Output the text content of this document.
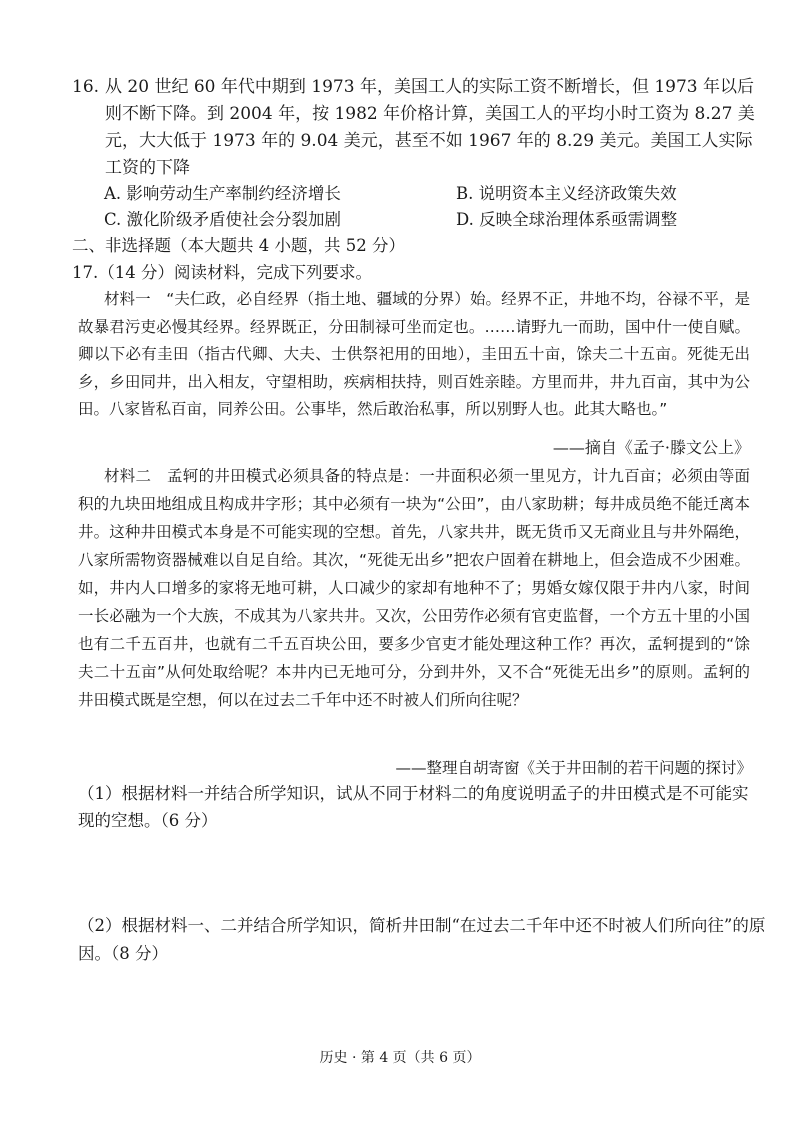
16. 从 20 世纪 60 年代中期到 1973 年，美国工人的实际工资不断增长，但 1973 年以后则不断下降。到 2004 年，按 1982 年价格计算，美国工人的平均小时工资为 8.27 美元，大大低于 1973 年的 9.04 美元，甚至不如 1967 年的 8.29 美元。美国工人实际工资的下降
A. 影响劳动生产率制约经济增长	B. 说明资本主义经济政策失效
C. 激化阶级矛盾使社会分裂加剧	D. 反映全球治理体系亟需调整
二、非选择题（本大题共 4 小题，共 52 分）
17.（14 分）阅读材料，完成下列要求。
材料一　“夫仁政，必自经界（指土地、疆域的分界）始。经界不正，井地不均，谷禄不平，是故暴君污吏必慢其经界。经界既正，分田制禄可坐而定也。……请野九一而助，国中什一使自赋。卿以下必有圭田（指古代卿、大夫、士供祭祀用的田地），圭田五十亩，馀夫二十五亩。死徙无出乡，乡田同井，出入相友，守望相助，疾病相扶持，则百姓亲睦。方里而井，井九百亩，其中为公田。八家皆私百亩，同养公田。公事毕，然后敢治私事，所以别野人也。此其大略也。”
——摘自《孟子·滕文公上》
材料二　孟轲的井田模式必须具备的特点是：一井面积必须一里见方，计九百亩；必须由等面积的九块田地组成且构成井字形；其中必须有一块为“公田”，由八家助耕；每井成员绝不能迁离本井。这种井田模式本身是不可能实现的空想。首先，八家共井，既无货币又无商业且与井外隔绝，八家所需物资器械难以自足自给。其次，“死徙无出乡”把农户固着在耕地上，但会造成不少困难。如，井内人口增多的家将无地可耕，人口减少的家却有地种不了；男婚女嫁仅限于井内八家，时间一长必融为一个大族，不成其为八家共井。又次，公田劳作必须有官吏监督，一个方五十里的小国也有二千五百井，也就有二千五百块公田，要多少官吏才能处理这种工作？再次，孟轲提到的“馀夫二十五亩”从何处取给呢？本井内已无地可分，分到井外，又不合“死徙无出乡”的原则。孟轲的井田模式既是空想，何以在过去二千年中还不时被人们所向往呢？
——整理自胡寄窗《关于井田制的若干问题的探讨》
（1）根据材料一并结合所学知识，试从不同于材料二的角度说明孟子的井田模式是不可能实现的空想。（6 分）
（2）根据材料一、二并结合所学知识，简析井田制“在过去二千年中还不时被人们所向往”的原因。（8 分）
历史 · 第 4 页（共 6 页）
